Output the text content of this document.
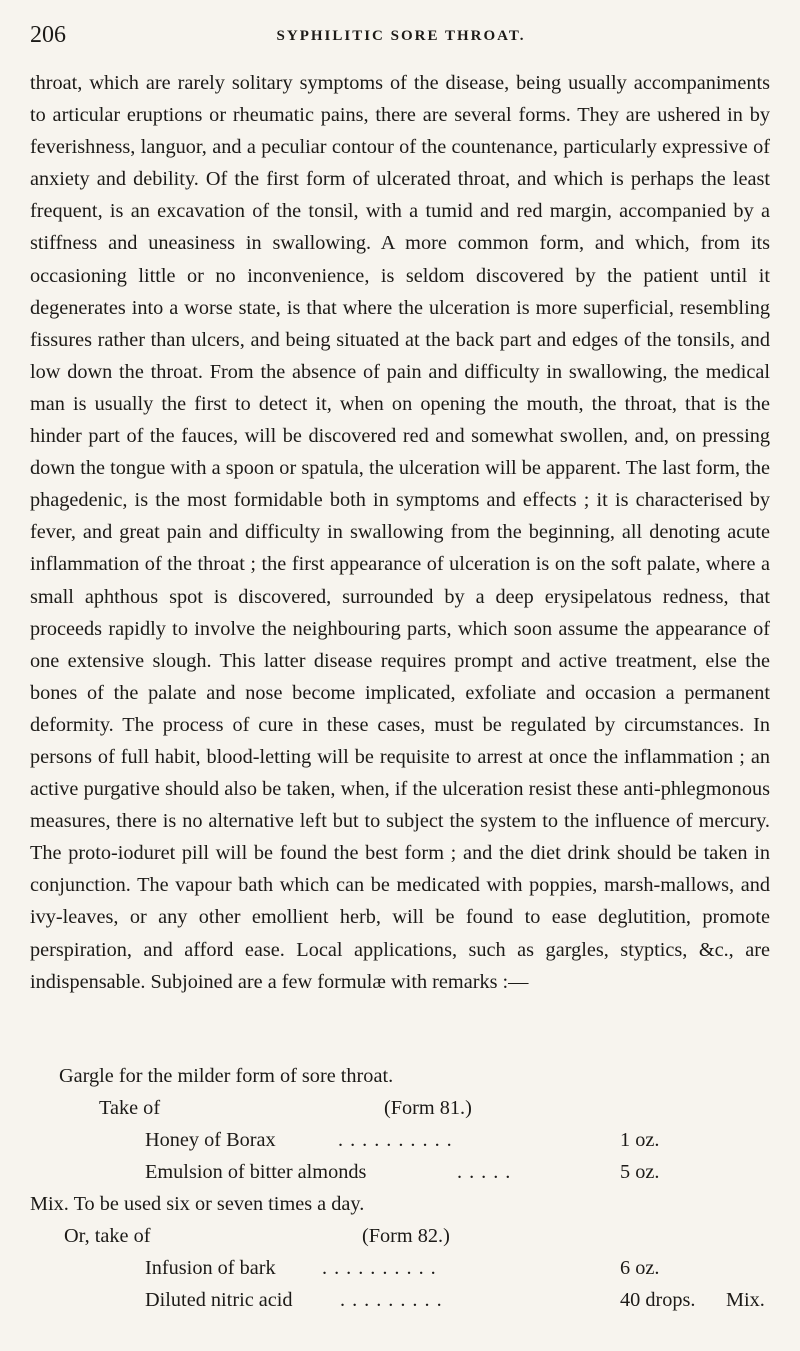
206	SYPHILITIC SORE THROAT.

throat, which are rarely solitary symptoms of the disease, being usually accompaniments to articular eruptions or rheumatic pains, there are several forms. They are ushered in by feverishness, languor, and a peculiar contour of the countenance, particularly expressive of anxiety and debility. Of the first form of ulcerated throat, and which is perhaps the least frequent, is an excavation of the tonsil, with a tumid and red margin, accompanied by a stiffness and uneasiness in swallowing. A more common form, and which, from its occasioning little or no inconvenience, is seldom discovered by the patient until it degenerates into a worse state, is that where the ulceration is more superficial, resembling fissures rather than ulcers, and being situated at the back part and edges of the tonsils, and low down the throat. From the absence of pain and difficulty in swallowing, the medical man is usually the first to detect it, when on opening the mouth, the throat, that is the hinder part of the fauces, will be discovered red and somewhat swollen, and, on pressing down the tongue with a spoon or spatula, the ulceration will be apparent. The last form, the phagedenic, is the most formidable both in symptoms and effects ; it is characterised by fever, and great pain and difficulty in swallowing from the beginning, all denoting acute inflammation of the throat ; the first appearance of ulceration is on the soft palate, where a small aphthous spot is discovered, surrounded by a deep erysipelatous redness, that proceeds rapidly to involve the neighbouring parts, which soon assume the appearance of one extensive slough. This latter disease requires prompt and active treatment, else the bones of the palate and nose become implicated, exfoliate and occasion a permanent deformity. The process of cure in these cases, must be regulated by circumstances. In persons of full habit, blood-letting will be requisite to arrest at once the inflammation ; an active purgative should also be taken, when, if the ulceration resist these anti-phlegmonous measures, there is no alternative left but to subject the system to the influence of mercury. The proto-ioduret pill will be found the best form ; and the diet drink should be taken in conjunction. The vapour bath which can be medicated with poppies, marsh-mallows, and ivy-leaves, or any other emollient herb, will be found to ease deglutition, promote perspiration, and afford ease. Local applications, such as gargles, styptics, &c., are indispensable. Subjoined are a few formulæ with remarks :—

Gargle for the milder form of sore throat.
Take of	(Form 81.)
Honey of Borax	..........	1 oz.
Emulsion of bitter almonds	.....	5 oz.
Mix. To be used six or seven times a day.
Or, take of	(Form 82.)
Infusion of bark ..........	6 oz.
Diluted nitric acid .........	40 drops. Mix.
